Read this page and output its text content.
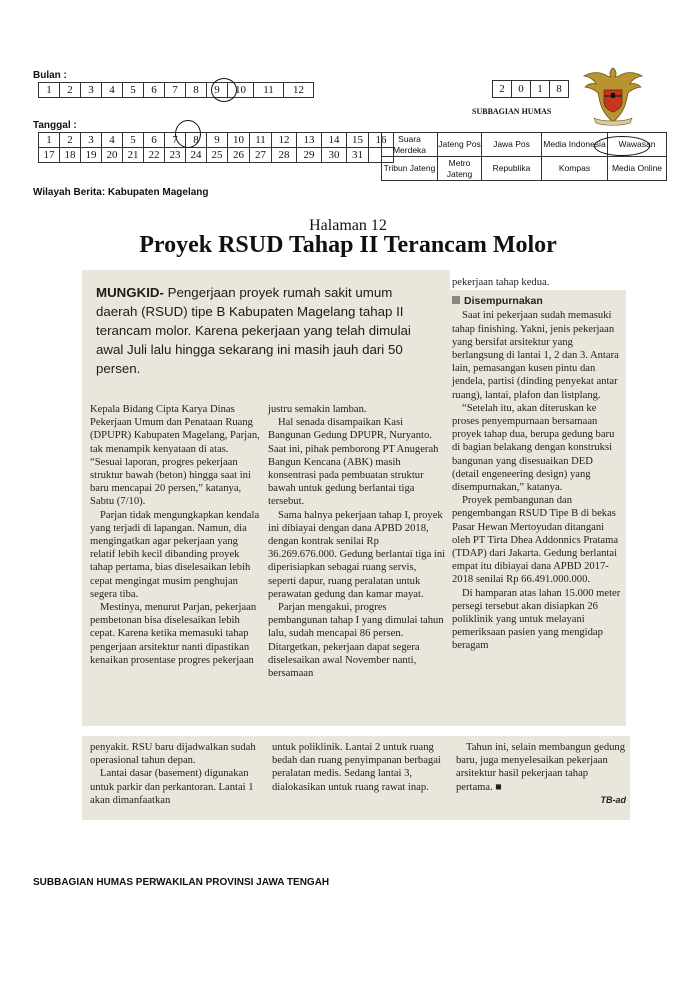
Bulan :
1	2	3	4	5	6	7	8	9	10	11	12
Tanggal :
1	2	3	4	5	6	7	8	9	10	11	12	13	14	15	16
17	18	19	20	21	22	23	24	25	26	27	28	29	30	31	
Wilayah Berita: Kabupaten Magelang
2	0	1	8
SUBBAGIAN HUMAS
Suara Merdeka	Jateng Pos	Jawa Pos	Media Indonesia	Wawasan
Tribun Jateng	Metro Jateng	Republika	Kompas	Media Online
Halaman 12
Proyek RSUD Tahap II Terancam Molor
MUNGKID- Pengerjaan proyek rumah sakit umum daerah (RSUD) tipe B Kabupaten Magelang tahap II terancam molor. Karena pekerjaan yang telah dimulai awal Juli lalu hingga sekarang ini masih jauh dari 50 persen.

Kepala Bidang Cipta Karya Dinas Pekerjaan Umum dan Penataan Ruang (DPUPR) Kabupaten Magelang, Parjan, tak menampik kenyataan di atas. “Sesuai laporan, progres pekerjaan struktur bawah (beton) hingga saat ini baru mencapai 20 persen,” katanya, Sabtu (7/10).

Parjan tidak mengungkapkan kendala yang terjadi di lapangan. Namun, dia mengingatkan agar pekerjaan yang relatif lebih kecil dibanding proyek tahap pertama, bias diselesaikan lebih cepat mengingat musim penghujan segera tiba.

Mestinya, menurut Parjan, pekerjaan pembetonan bisa diselesaikan lebih cepat. Karena ketika memasuki tahap pengerjaan arsitektur nanti dipastikan kenaikan prosentase progres pekerjaan

justru semakin lamban.

Hal senada disampaikan Kasi Bangunan Gedung DPUPR, Nuryanto. Saat ini, pihak pemborong PT Anugerah Bangun Kencana (ABK) masih konsentrasi pada pembuatan struktur bawah untuk gedung berlantai tiga tersebut.

Sama halnya pekerjaan tahap I, proyek ini dibiayai dengan dana APBD 2018, dengan kontrak senilai Rp 36.269.676.000. Gedung berlantai tiga ini diperisiapkan sebagai ruang servis, seperti dapur, ruang peralatan untuk perawatan gedung dan kamar mayat.

Parjan mengakui, progres pembangunan tahap I yang dimulai tahun lalu, sudah mencapai 86 persen. Ditargetkan, pekerjaan dapat segera diselesaikan awal November nanti, bersamaan

pekerjaan tahap kedua.

Disempurnakan

Saat ini pekerjaan sudah memasuki tahap finishing. Yakni, jenis pekerjaan yang bersifat arsitektur yang berlangsung di lantai 1, 2 dan 3. Antara lain, pemasangan kusen pintu dan jendela, partisi (dinding penyekat antar ruang), lantai, plafon dan listplang.

“Setelah itu, akan diteruskan ke proses penyempurnaan bersamaan proyek tahap dua, berupa gedung baru di bagian belakang dengan konstruksi bangunan yang disesuaikan DED (detail engeneering design) yang disempurnakan,” katanya.

Proyek pembangunan dan pengembangan RSUD Tipe B di bekas Pasar Hewan Mertoyudan ditangani oleh PT Tirta Dhea Addonnics Pratama (TDAP) dari Jakarta. Gedung berlantai empat itu dibiayai dana APBD 2017-2018 senilai Rp 66.491.000.000.

Di hamparan atas lahan 15.000 meter persegi tersebut akan disiapkan 26 poliklinik yang untuk melayani pemeriksaan pasien yang mengidap beragam

penyakit. RSU baru dijadwalkan sudah operasional tahun depan.

Lantai dasar (basement) digunakan untuk parkir dan perkantoran. Lantai 1 akan dimanfaatkan

untuk poliklinik. Lantai 2 untuk ruang bedah dan ruang penyimpanan berbagai peralatan medis. Sedang lantai 3, dialokasikan untuk ruang rawat inap.

Tahun ini, selain membangun gedung baru, juga menyelesaikan pekerjaan arsitektur hasil pekerjaan tahap pertama. ■

TB-ad
SUBBAGIAN HUMAS PERWAKILAN PROVINSI JAWA TENGAH
